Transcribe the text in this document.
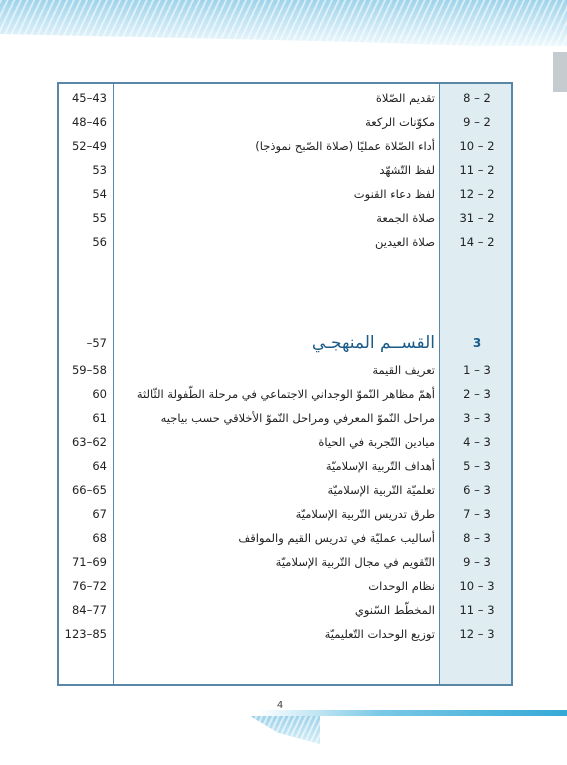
45–43	تقديم الصّلاة	2 – 8
48–46	مكوّنات الركعة	2 – 9
52–49	أداء الصّلاة عمليًا (صلاة الصّبح نموذجا)	2 – 10
53	لفظ التّشهّد	2 – 11
54	لفظ دعاء القنوت	2 – 12
55	صلاة الجمعة	2 – 31
56	صلاة العيدين	2 – 14
–57	القســم المنهجـي	3
59–58	تعريف القيمة	3 – 1
60	أهمّ مظاهر النّموّ الوجداني الاجتماعي في مرحلة الطّفولة الثّالثة	3 – 2
61	مراحل النّموّ المعرفي ومراحل النّموّ الأخلاقي حسب بياجيه	3 – 3
63–62	ميادين التّجربة في الحياة	3 – 4
64	أهداف التّربية الإسلاميّة	3 – 5
66–65	تعلميّة التّربية الإسلاميّة	3 – 6
67	طرق تدريس التّربية الإسلاميّة	3 – 7
68	أساليب عمليّة في تدريس القيم والمواقف	3 – 8
71–69	التّقويم في مجال التّربية الإسلاميّة	3 – 9
76–72	نظام الوحدات	3 – 10
84–77	المخطّط السّنوي	3 – 11
123–85	توزيع الوحدات التّعليميّة	3 – 12
4
